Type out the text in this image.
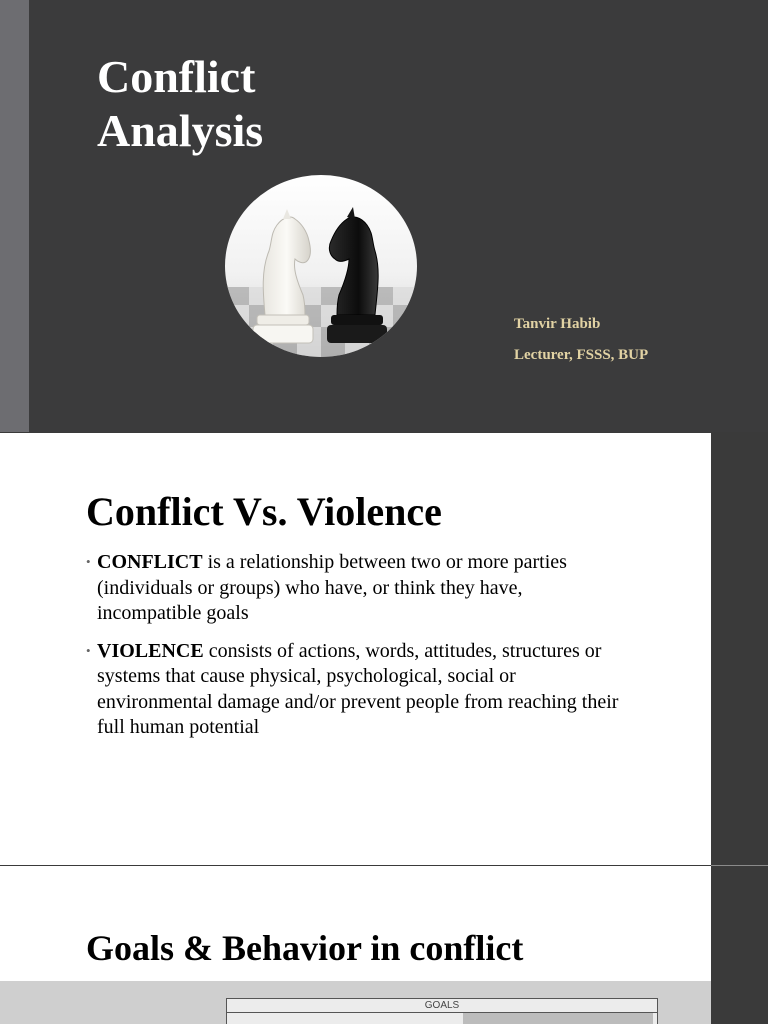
Conflict
Analysis
Tanvir Habib
Lecturer, FSSS, BUP
Conflict Vs. Violence
• CONFLICT is a relationship between two or more parties (individuals or groups) who have, or think they have, incompatible goals
• VIOLENCE consists of actions, words, attitudes, structures or systems that cause physical, psychological, social or environmental damage and/or prevent people from reaching their full human potential
Goals & Behavior in conflict
GOALS
